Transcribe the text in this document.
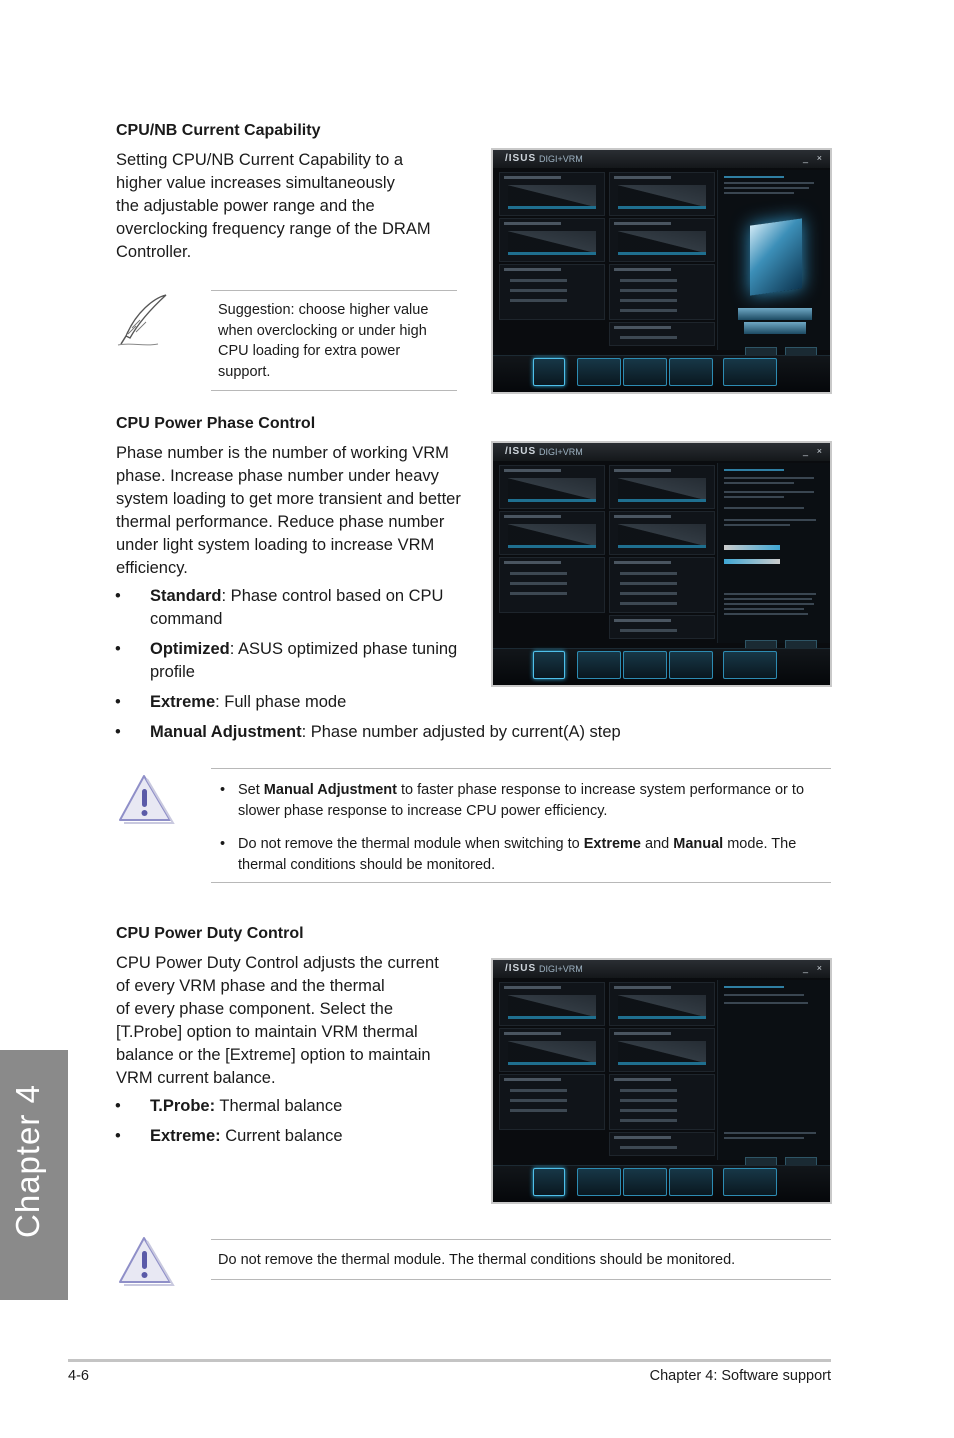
CPU/NB Current Capability
Setting CPU/NB Current Capability to a
higher value increases simultaneously
the adjustable power range and the
overclocking frequency range of the DRAM
Controller.
Suggestion: choose higher value
when overclocking or under high
CPU loading for extra power
support.
/ISUS DIGI+VRM	_ ×
CPU Power Phase Control
Phase number is the number of working VRM
phase. Increase phase number under heavy
system loading to get more transient and better
thermal performance. Reduce phase number
under light system loading to increase VRM
efficiency.
• Standard: Phase control based on CPU
command
• Optimized: ASUS optimized phase tuning
profile
• Extreme: Full phase mode
• Manual Adjustment: Phase number adjusted by current(A) step
/ISUS DIGI+VRM	_ ×
• Set Manual Adjustment to faster phase response to increase system performance or to
slower phase response to increase CPU power efficiency.
• Do not remove the thermal module when switching to Extreme and Manual mode. The
thermal conditions should be monitored.
CPU Power Duty Control
CPU Power Duty Control adjusts the current
of every VRM phase and the thermal
of every phase component. Select the
[T.Probe] option to maintain VRM thermal
balance or the [Extreme] option to maintain
VRM current balance.
• T.Probe: Thermal balance
• Extreme: Current balance
/ISUS DIGI+VRM	_ ×
Do not remove the thermal module. The thermal conditions should be monitored.
Chapter 4
4-6	Chapter 4: Software support
